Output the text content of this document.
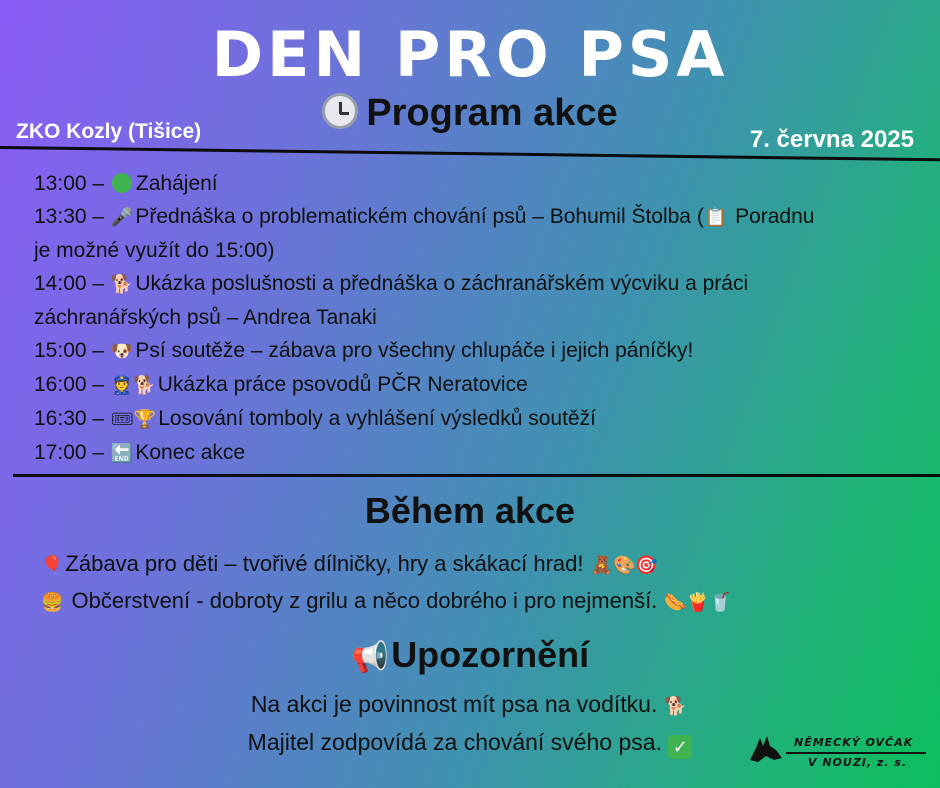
DEN PRO PSA
Program akce
ZKO Kozly (Tišice)	7. června 2025
13:00 – Zahájení
13:30 – 🎤Přednáška o problematickém chování psů – Bohumil Štolba (📋 Poradnu
je možné využít do 15:00)
14:00 – 🐕Ukázka poslušnosti a přednáška o záchranářském výcviku a práci
záchranářských psů – Andrea Tanaki
15:00 – 🐶Psí soutěže – zábava pro všechny chlupáče i jejich páníčky!
16:00 – 👮🐕Ukázka práce psovodů PČR Neratovice
16:30 – 🎟🏆Losování tomboly a vyhlášení výsledků soutěží
17:00 – 🔚Konec akce
Během akce
🎈Zábava pro děti – tvořivé dílničky, hry a skákací hrad! 🧸🎨🎯
🍔 Občerstvení - dobroty z grilu a něco dobrého i pro nejmenší. 🌭🍟🥤
📢Upozornění
Na akci je povinnost mít psa na vodítku. 🐕
Majitel zodpovídá za chování svého psa. ✓	NĚMECKÝ OVČAK
V NOUZI, z. s.
